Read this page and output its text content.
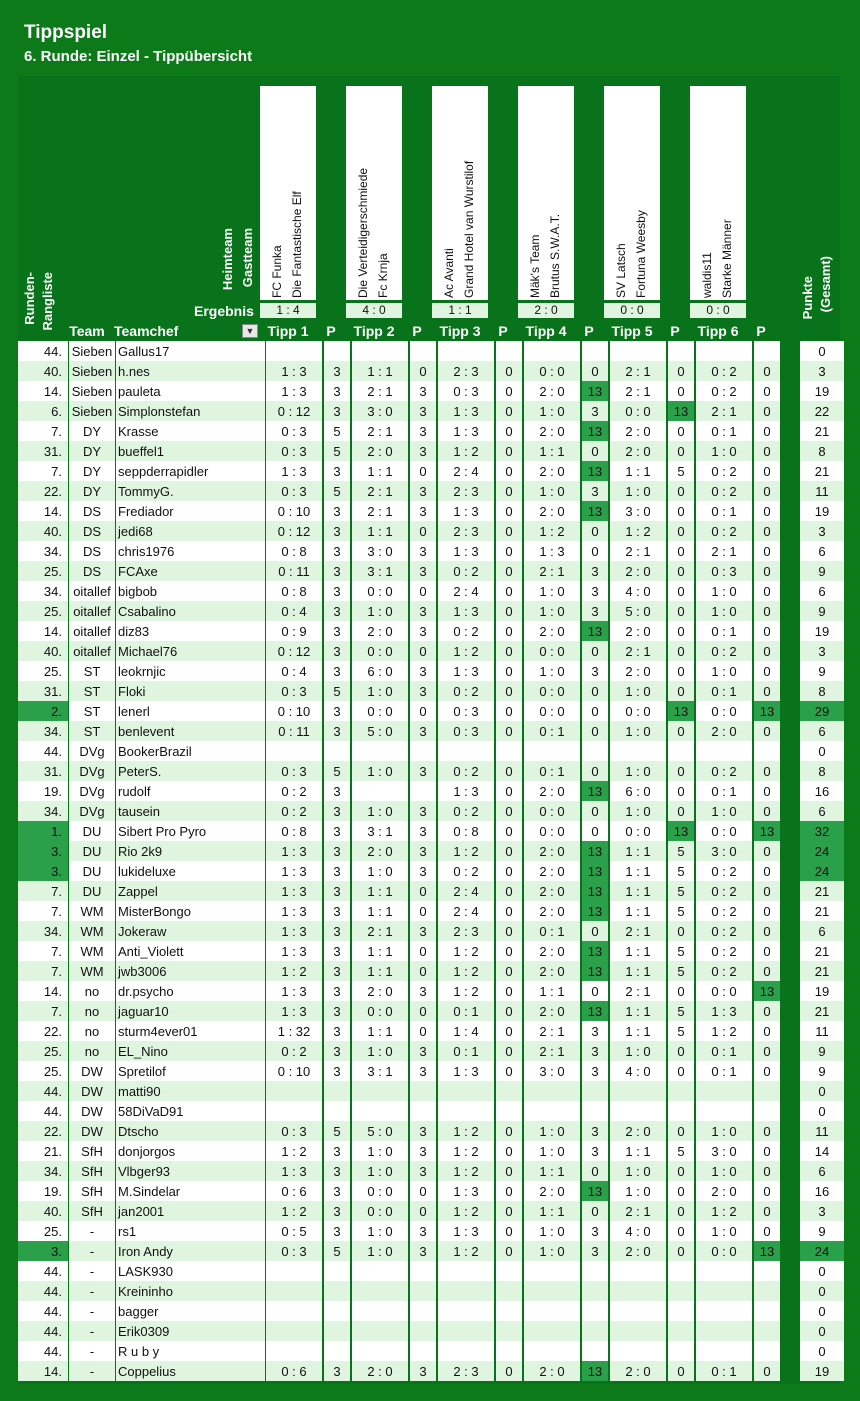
Tippspiel
6. Runde: Einzel - Tippübersicht
FC Funka Die Fantastische Elf
1 : 4
Tipp 1	P
Die Verteidigerschmiede Fc Krnja
4 : 0
Tipp 2	P
Ac Avanti Grand Hotel van Wurstilof
1 : 1
Tipp 3	P
Mäk's Team Brutus S.W.A.T.
2 : 0
Tipp 4	P
SV Latsch Fortuna Weesby
0 : 0
Tipp 5	P
waldis11 Starke Männer
0 : 0
Tipp 6	P
Heimteam Gastteam
Ergebnis
Runden- Rangliste
Team Teamchef	▼
Punkte (Gesamt)
44.		Sieben		Gallus17																											0
40.		Sieben		h.nes		1 : 3		3		1 : 1		0		2 : 3		0		0 : 0		0		2 : 1		0		0 : 2		0			3
14.		Sieben		pauleta		1 : 3		3		2 : 1		3		0 : 3		0		2 : 0		13		2 : 1		0		0 : 2		0			19
6.		Sieben		Simplonstefan		0 : 12		3		3 : 0		3		1 : 3		0		1 : 0		3		0 : 0		13		2 : 1		0			22
7.		DY		Krasse		0 : 3		5		2 : 1		3		1 : 3		0		2 : 0		13		2 : 0		0		0 : 1		0			21
31.		DY		bueffel1		0 : 3		5		2 : 0		3		1 : 2		0		1 : 1		0		2 : 0		0		1 : 0		0			8
7.		DY		seppderrapidler		1 : 3		3		1 : 1		0		2 : 4		0		2 : 0		13		1 : 1		5		0 : 2		0			21
22.		DY		TommyG.		0 : 3		5		2 : 1		3		2 : 3		0		1 : 0		3		1 : 0		0		0 : 2		0			11
14.		DS		Frediador		0 : 10		3		2 : 1		3		1 : 3		0		2 : 0		13		3 : 0		0		0 : 1		0			19
40.		DS		jedi68		0 : 12		3		1 : 1		0		2 : 3		0		1 : 2		0		1 : 2		0		0 : 2		0			3
34.		DS		chris1976		0 : 8		3		3 : 0		3		1 : 3		0		1 : 3		0		2 : 1		0		2 : 1		0			6
25.		DS		FCAxe		0 : 11		3		3 : 1		3		0 : 2		0		2 : 1		3		2 : 0		0		0 : 3		0			9
34.		oitallef		bigbob		0 : 8		3		0 : 0		0		2 : 4		0		1 : 0		3		4 : 0		0		1 : 0		0			6
25.		oitallef		Csabalino		0 : 4		3		1 : 0		3		1 : 3		0		1 : 0		3		5 : 0		0		1 : 0		0			9
14.		oitallef		diz83		0 : 9		3		2 : 0		3		0 : 2		0		2 : 0		13		2 : 0		0		0 : 1		0			19
40.		oitallef		Michael76		0 : 12		3		0 : 0		0		1 : 2		0		0 : 0		0		2 : 1		0		0 : 2		0			3
25.		ST		leokrnjic		0 : 4		3		6 : 0		3		1 : 3		0		1 : 0		3		2 : 0		0		1 : 0		0			9
31.		ST		Floki		0 : 3		5		1 : 0		3		0 : 2		0		0 : 0		0		1 : 0		0		0 : 1		0			8
2.		ST		lenerl		0 : 10		3		0 : 0		0		0 : 3		0		0 : 0		0		0 : 0		13		0 : 0		13			29
34.		ST		benlevent		0 : 11		3		5 : 0		3		0 : 3		0		0 : 1		0		1 : 0		0		2 : 0		0			6
44.		DVg		BookerBrazil																											0
31.		DVg		PeterS.		0 : 3		5		1 : 0		3		0 : 2		0		0 : 1		0		1 : 0		0		0 : 2		0			8
19.		DVg		rudolf		0 : 2		3						1 : 3		0		2 : 0		13		6 : 0		0		0 : 1		0			16
34.		DVg		tausein		0 : 2		3		1 : 0		3		0 : 2		0		0 : 0		0		1 : 0		0		1 : 0		0			6
1.		DU		Sibert Pro Pyro		0 : 8		3		3 : 1		3		0 : 8		0		0 : 0		0		0 : 0		13		0 : 0		13			32
3.		DU		Rio 2k9		1 : 3		3		2 : 0		3		1 : 2		0		2 : 0		13		1 : 1		5		3 : 0		0			24
3.		DU		lukideluxe		1 : 3		3		1 : 0		3		0 : 2		0		2 : 0		13		1 : 1		5		0 : 2		0			24
7.		DU		Zappel		1 : 3		3		1 : 1		0		2 : 4		0		2 : 0		13		1 : 1		5		0 : 2		0			21
7.		WM		MisterBongo		1 : 3		3		1 : 1		0		2 : 4		0		2 : 0		13		1 : 1		5		0 : 2		0			21
34.		WM		Jokeraw		1 : 3		3		2 : 1		3		2 : 3		0		0 : 1		0		2 : 1		0		0 : 2		0			6
7.		WM		Anti_Violett		1 : 3		3		1 : 1		0		1 : 2		0		2 : 0		13		1 : 1		5		0 : 2		0			21
7.		WM		jwb3006		1 : 2		3		1 : 1		0		1 : 2		0		2 : 0		13		1 : 1		5		0 : 2		0			21
14.		no		dr.psycho		1 : 3		3		2 : 0		3		1 : 2		0		1 : 1		0		2 : 1		0		0 : 0		13			19
7.		no		jaguar10		1 : 3		3		0 : 0		0		0 : 1		0		2 : 0		13		1 : 1		5		1 : 3		0			21
22.		no		sturm4ever01		1 : 32		3		1 : 1		0		1 : 4		0		2 : 1		3		1 : 1		5		1 : 2		0			11
25.		no		EL_Nino		0 : 2		3		1 : 0		3		0 : 1		0		2 : 1		3		1 : 0		0		0 : 1		0			9
25.		DW		Spretilof		0 : 10		3		3 : 1		3		1 : 3		0		3 : 0		3		4 : 0		0		0 : 1		0			9
44.		DW		matti90																											0
44.		DW		58DiVaD91																											0
22.		DW		Dtscho		0 : 3		5		5 : 0		3		1 : 2		0		1 : 0		3		2 : 0		0		1 : 0		0			11
21.		SfH		donjorgos		1 : 2		3		1 : 0		3		1 : 2		0		1 : 0		3		1 : 1		5		3 : 0		0			14
34.		SfH		Vlbger93		1 : 3		3		1 : 0		3		1 : 2		0		1 : 1		0		1 : 0		0		1 : 0		0			6
19.		SfH		M.Sindelar		0 : 6		3		0 : 0		0		1 : 3		0		2 : 0		13		1 : 0		0		2 : 0		0			16
40.		SfH		jan2001		1 : 2		3		0 : 0		0		1 : 2		0		1 : 1		0		2 : 1		0		1 : 2		0			3
25.		-		rs1		0 : 5		3		1 : 0		3		1 : 3		0		1 : 0		3		4 : 0		0		1 : 0		0			9
3.		-		Iron Andy		0 : 3		5		1 : 0		3		1 : 2		0		1 : 0		3		2 : 0		0		0 : 0		13			24
44.		-		LASK930																											0
44.		-		Kreininho																											0
44.		-		bagger																											0
44.		-		Erik0309																											0
44.		-		R u b y																											0
14.		-		Coppelius		0 : 6		3		2 : 0		3		2 : 3		0		2 : 0		13		2 : 0		0		0 : 1		0			19
